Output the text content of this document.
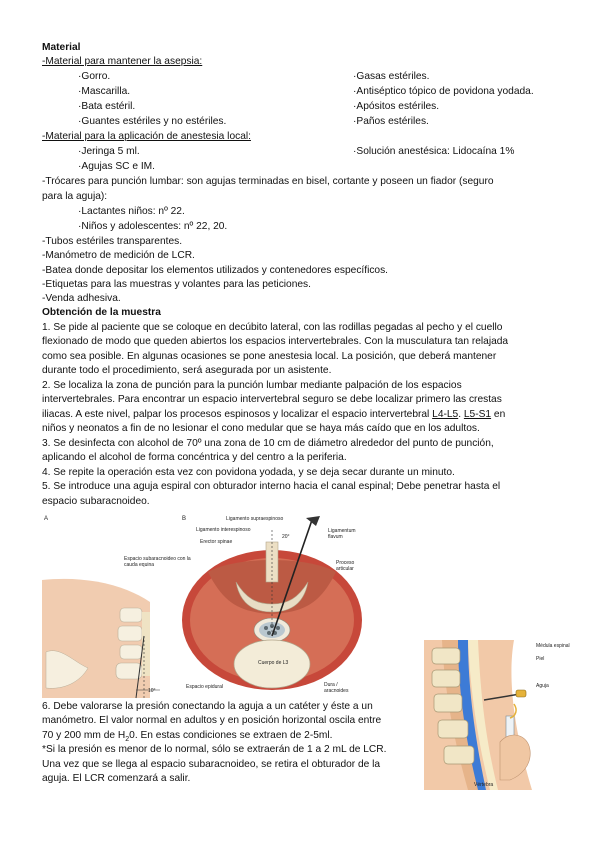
Material
-Material para mantener la asepsia:
·Gorro.
·Mascarilla.
·Bata estéril.
·Guantes estériles y no estériles.
·Gasas estériles.
·Antiséptico tópico de povidona yodada.
·Apósitos estériles.
·Paños estériles.
-Material para la aplicación de anestesia local:
·Jeringa 5 ml.	·Solución anestésica: Lidocaína 1%
·Agujas SC e IM.
-Trócares para punción lumbar: son agujas terminadas en bisel, cortante y poseen un fiador (seguro
para la aguja):
·Lactantes niños: nº 22.
·Niños y adolescentes: nº 22, 20.
-Tubos estériles transparentes.
-Manómetro de medición de LCR.
-Batea donde depositar los elementos utilizados y contenedores específicos.
-Etiquetas para las muestras y volantes para las peticiones.
-Venda adhesiva.
Obtención de la muestra
1. Se pide al paciente que se coloque en decúbito lateral, con las rodillas pegadas al pecho y el cuello
flexionado de modo que queden abiertos los espacios intervertebrales. Con la musculatura tan relajada
como sea posible. En algunas ocasiones se pone anestesia local. La posición, que deberá mantener
durante todo el procedimiento, será asegurada por un asistente.
2. Se localiza la zona de punción para la punción lumbar mediante palpación de los espacios
intervertebrales. Para encontrar un espacio intervertebral seguro se debe localizar primero las crestas
iliacas. A este nivel, palpar los procesos espinosos y localizar el espacio intervertebral L4-L5. L5-S1 en
niños y neonatos a fin de no lesionar el cono medular que se haya más caído que en los adultos.
3. Se desinfecta con alcohol de 70º una zona de 10 cm de diámetro alrededor del punto de punción,
aplicando el alcohol de forma concéntrica y del centro a la periferia.
4. Se repite la operación esta vez con povidona yodada, y se deja secar durante un minuto.
5. Se introduce una aguja espiral con obturador interno hacia el canal espinal; Debe penetrar hasta el
espacio subaracnoideo.
A
10°
B
20°
Ligamento supraespinoso
Ligamento interespinoso
Erector spinae
Espacio subaracnoideo con la cauda equina
Ligamentum flavum
Proceso articular
Cuerpo de L3
Espacio epidural	Dura / aracnoides
Médula espinal
Piel
Aguja
Vértebra
6. Debe valorarse la presión conectando la aguja a un catéter y éste a un
manómetro. El valor normal en adultos y en posición horizontal oscila entre
70 y 200 mm de $H_20$. En estas condiciones se extraen de 2-5ml.
*Si la presión es menor de lo normal, sólo se extraerán de 1 a 2 mL de LCR.
Una vez que se llega al espacio subaracnoideo, se retira el obturador de la
aguja. El LCR comenzará a salir.
